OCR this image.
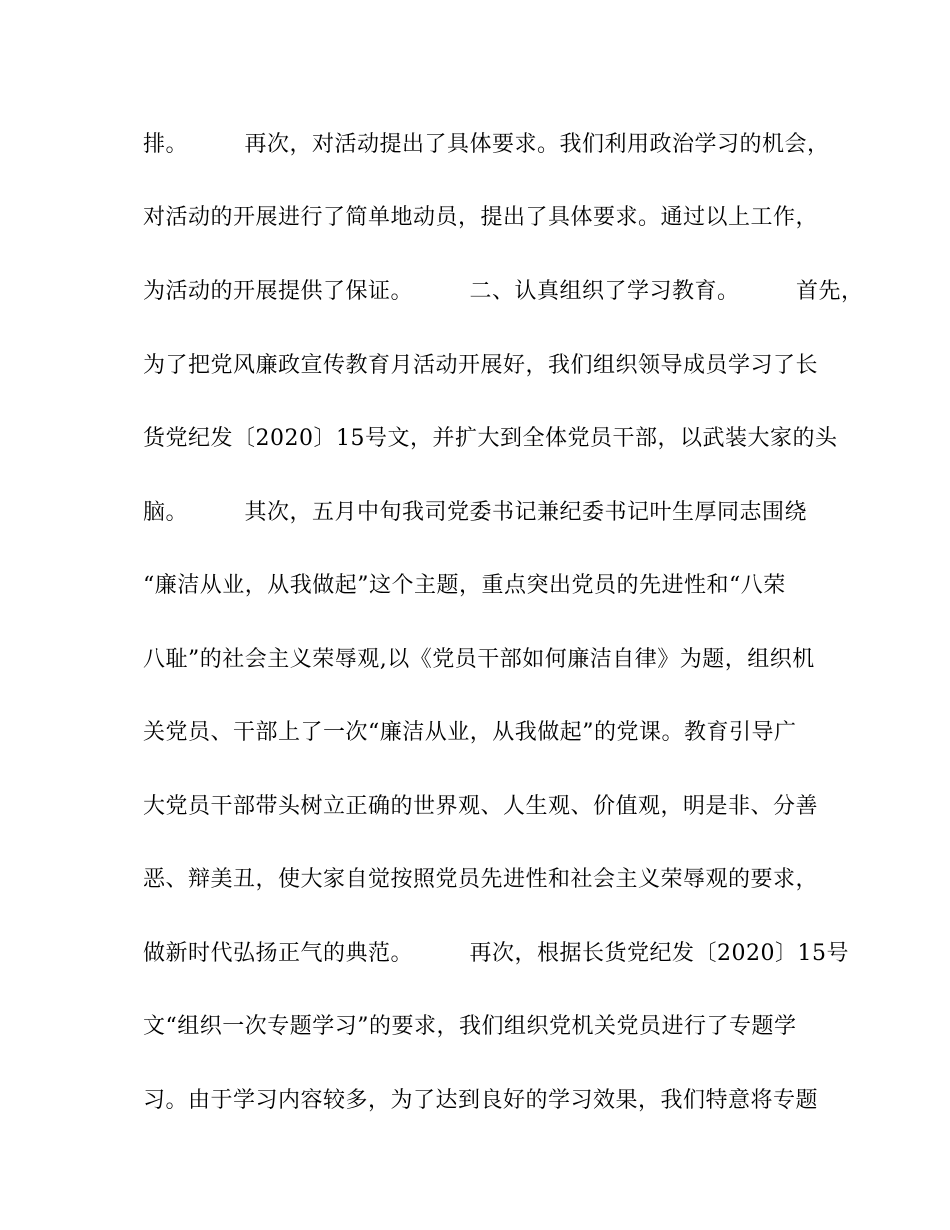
排。　　　再次，对活动提出了具体要求。我们利用政治学习的机会，
对活动的开展进行了简单地动员，提出了具体要求。通过以上工作，
为活动的开展提供了保证。　　　二、认真组织了学习教育。　　　首先，
为了把党风廉政宣传教育月活动开展好，我们组织领导成员学习了长
货党纪发〔2020〕15号文，并扩大到全体党员干部，以武装大家的头
脑。　　　其次，五月中旬我司党委书记兼纪委书记叶生厚同志围绕
“廉洁从业，从我做起”这个主题，重点突出党员的先进性和“八荣
八耻”的社会主义荣辱观,以《党员干部如何廉洁自律》为题，组织机
关党员、干部上了一次“廉洁从业，从我做起”的党课。教育引导广
大党员干部带头树立正确的世界观、人生观、价值观，明是非、分善
恶、辩美丑，使大家自觉按照党员先进性和社会主义荣辱观的要求，
做新时代弘扬正气的典范。　　　再次，根据长货党纪发〔2020〕15号
文“组织一次专题学习”的要求，我们组织党机关党员进行了专题学
习。由于学习内容较多，为了达到良好的学习效果，我们特意将专题
